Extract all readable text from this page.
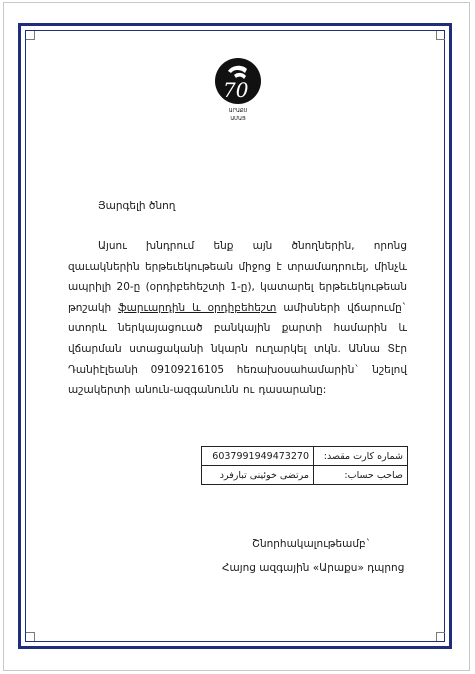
70
ԱՐԱՔՍ
ԱՄԱՑ
Յարգելի ծնող
Այսու խնդրում ենք այն ծնողներին, որոնց զաւակներին երթեւեկութեան միջոց է տրամադրուել, մինչև ապրիլի 20-ը (օրդիբեհեշտի 1-ը), կատարել երթեւեկութեան թոշակի ֆարւարդին և օրդիբեհեշտ ամիսների վճարումը` ստորև ներկայացուած բանկային քարտի համարին և վճարման ստացականի նկարն ուղարկել տկն. Աննա Տէր Դանիէլեանի 09109216105 հեռախօսահամարին` նշելով աշակերտի անուն-ազգանունն ու դասարանը:
6037991949473270	شماره کارت مقصد:
مرتضی خوئینی تبارفرد	صاحب حساب:
Շնորհակալութեամբ`
Հայոց ազգային «Արաքս» դպրոց
